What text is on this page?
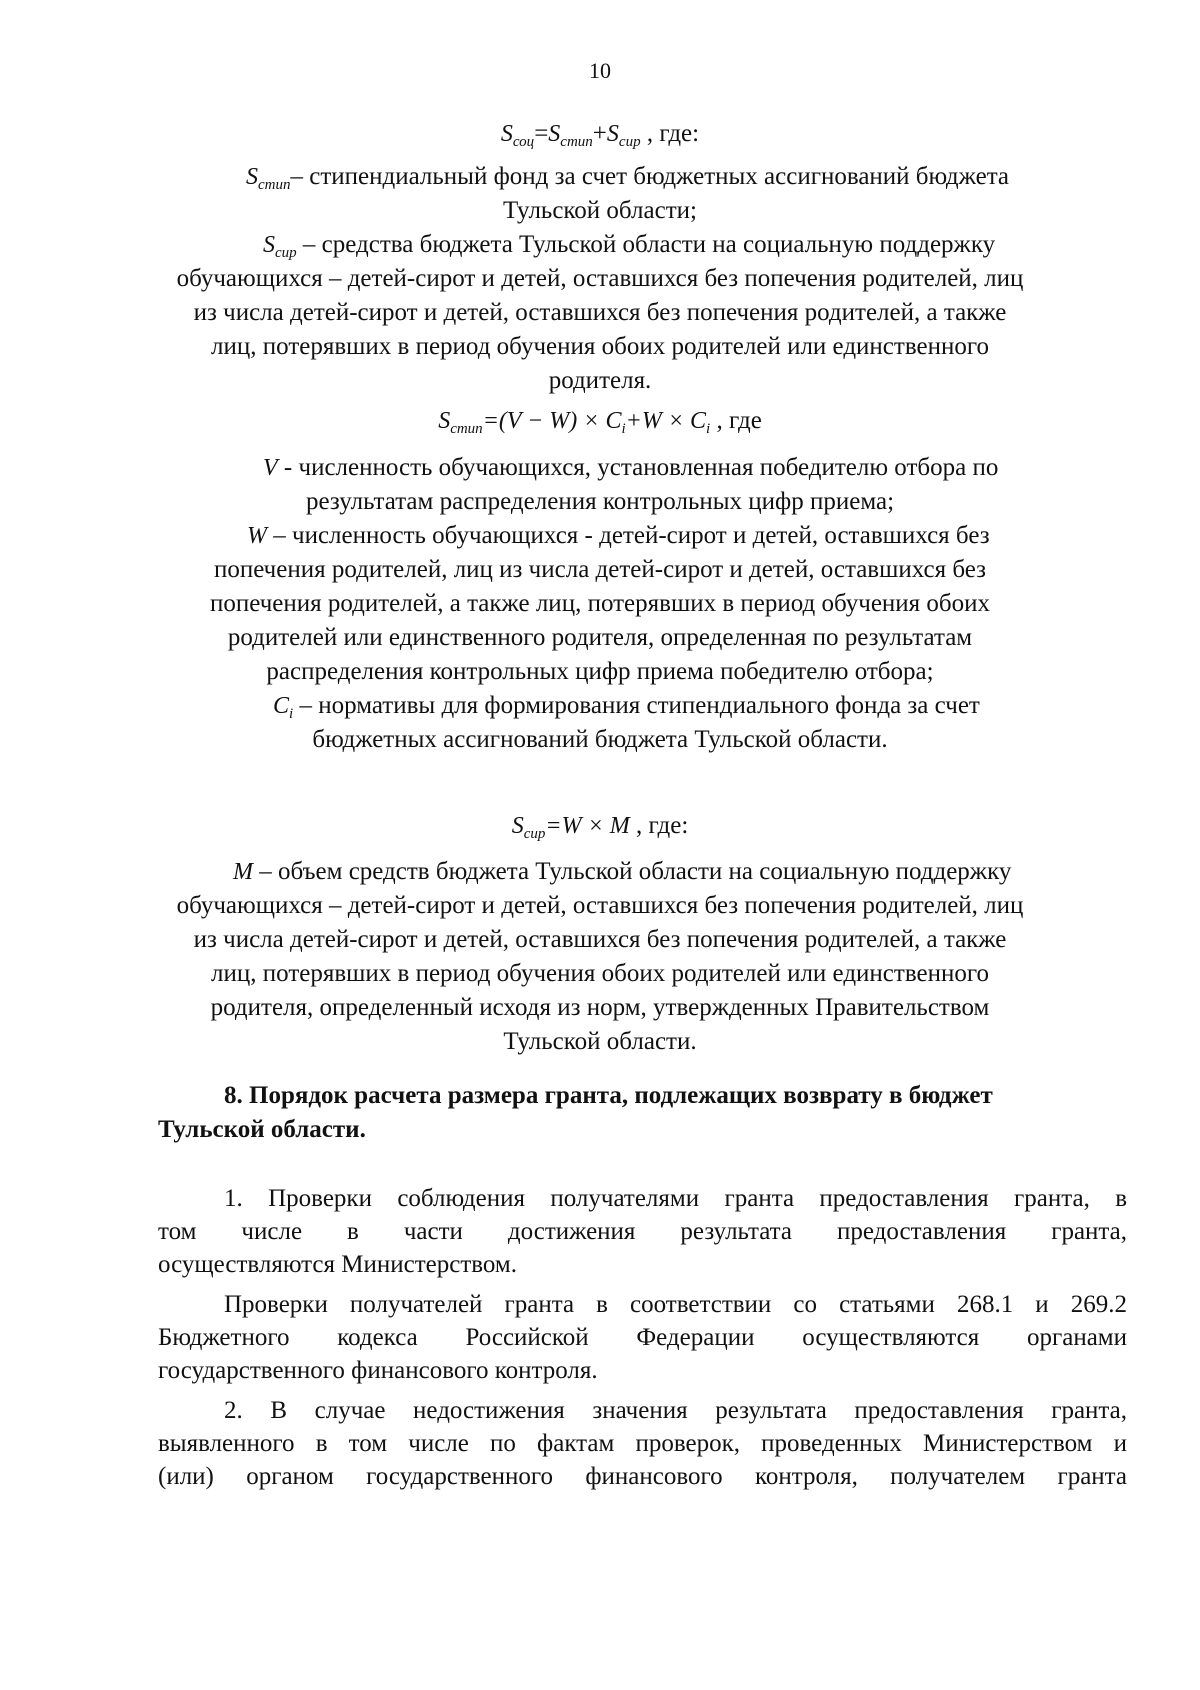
10
$S_{соц}=S_{стип}+S_{сир}$ , где:
$S_{стип}-$ стипендиальный фонд за счет бюджетных ассигнований бюджета
Тульской области;
$S_{сир}$ – средства бюджета Тульской области на социальную поддержку
обучающихся – детей-сирот и детей, оставшихся без попечения родителей, лиц
из числа детей-сирот и детей, оставшихся без попечения родителей, а также
лиц, потерявших в период обучения обоих родителей или единственного
родителя.
$S_{стип}=(V - W) \times C_i+W \times C_i$ , где
V - численность обучающихся, установленная победителю отбора по
результатам распределения контрольных цифр приема;
W – численность обучающихся - детей-сирот и детей, оставшихся без
попечения родителей, лиц из числа детей-сирот и детей, оставшихся без
попечения родителей, а также лиц, потерявших в период обучения обоих
родителей или единственного родителя, определенная по результатам
распределения контрольных цифр приема победителю отбора;
$C_i$ – нормативы для формирования стипендиального фонда за счет
бюджетных ассигнований бюджета Тульской области.
$S_{сир}=W \times M$ , где:
M – объем средств бюджета Тульской области на социальную поддержку
обучающихся – детей-сирот и детей, оставшихся без попечения родителей, лиц
из числа детей-сирот и детей, оставшихся без попечения родителей, а также
лиц, потерявших в период обучения обоих родителей или единственного
родителя, определенный исходя из норм, утвержденных Правительством
Тульской области.
8. Порядок расчета размера гранта, подлежащих возврату в бюджет
Тульской области.
1. Проверки соблюдения получателями гранта предоставления гранта, в
том числе в части достижения результата предоставления гранта,
осуществляются Министерством.
Проверки получателей гранта в соответствии со статьями 268.1 и 269.2
Бюджетного кодекса Российской Федерации осуществляются органами
государственного финансового контроля.
2. В случае недостижения значения результата предоставления гранта,
выявленного в том числе по фактам проверок, проведенных Министерством и
(или) органом государственного финансового контроля, получателем гранта
